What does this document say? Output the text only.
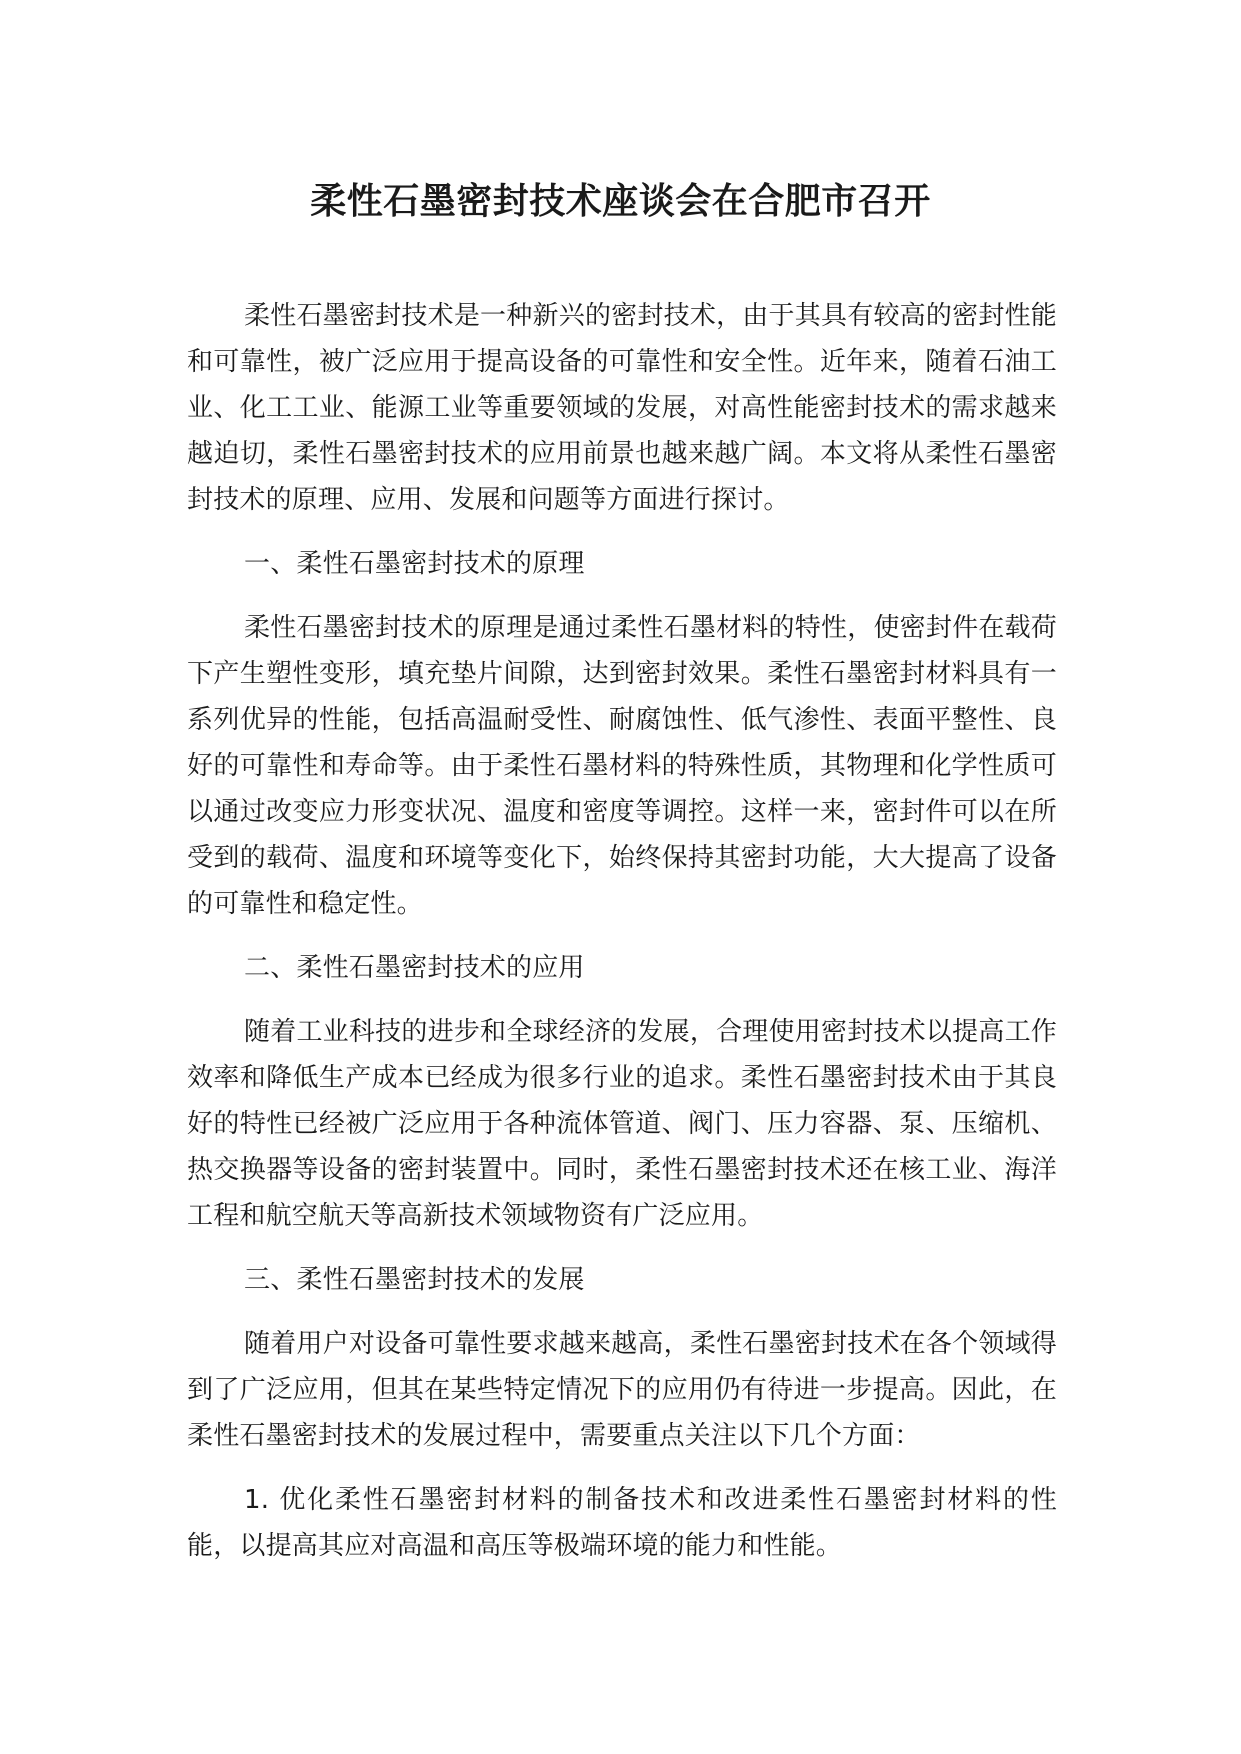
柔性石墨密封技术座谈会在合肥市召开

柔性石墨密封技术是一种新兴的密封技术，由于其具有较高的密封性能和可靠性，被广泛应用于提高设备的可靠性和安全性。近年来，随着石油工业、化工工业、能源工业等重要领域的发展，对高性能密封技术的需求越来越迫切，柔性石墨密封技术的应用前景也越来越广阔。本文将从柔性石墨密封技术的原理、应用、发展和问题等方面进行探讨。

一、柔性石墨密封技术的原理

柔性石墨密封技术的原理是通过柔性石墨材料的特性，使密封件在载荷下产生塑性变形，填充垫片间隙，达到密封效果。柔性石墨密封材料具有一系列优异的性能，包括高温耐受性、耐腐蚀性、低气渗性、表面平整性、良好的可靠性和寿命等。由于柔性石墨材料的特殊性质，其物理和化学性质可以通过改变应力形变状况、温度和密度等调控。这样一来，密封件可以在所受到的载荷、温度和环境等变化下，始终保持其密封功能，大大提高了设备的可靠性和稳定性。

二、柔性石墨密封技术的应用

随着工业科技的进步和全球经济的发展，合理使用密封技术以提高工作效率和降低生产成本已经成为很多行业的追求。柔性石墨密封技术由于其良好的特性已经被广泛应用于各种流体管道、阀门、压力容器、泵、压缩机、热交换器等设备的密封装置中。同时，柔性石墨密封技术还在核工业、海洋工程和航空航天等高新技术领域物资有广泛应用。

三、柔性石墨密封技术的发展

随着用户对设备可靠性要求越来越高，柔性石墨密封技术在各个领域得到了广泛应用，但其在某些特定情况下的应用仍有待进一步提高。因此，在柔性石墨密封技术的发展过程中，需要重点关注以下几个方面：

1. 优化柔性石墨密封材料的制备技术和改进柔性石墨密封材料的性能，以提高其应对高温和高压等极端环境的能力和性能。
